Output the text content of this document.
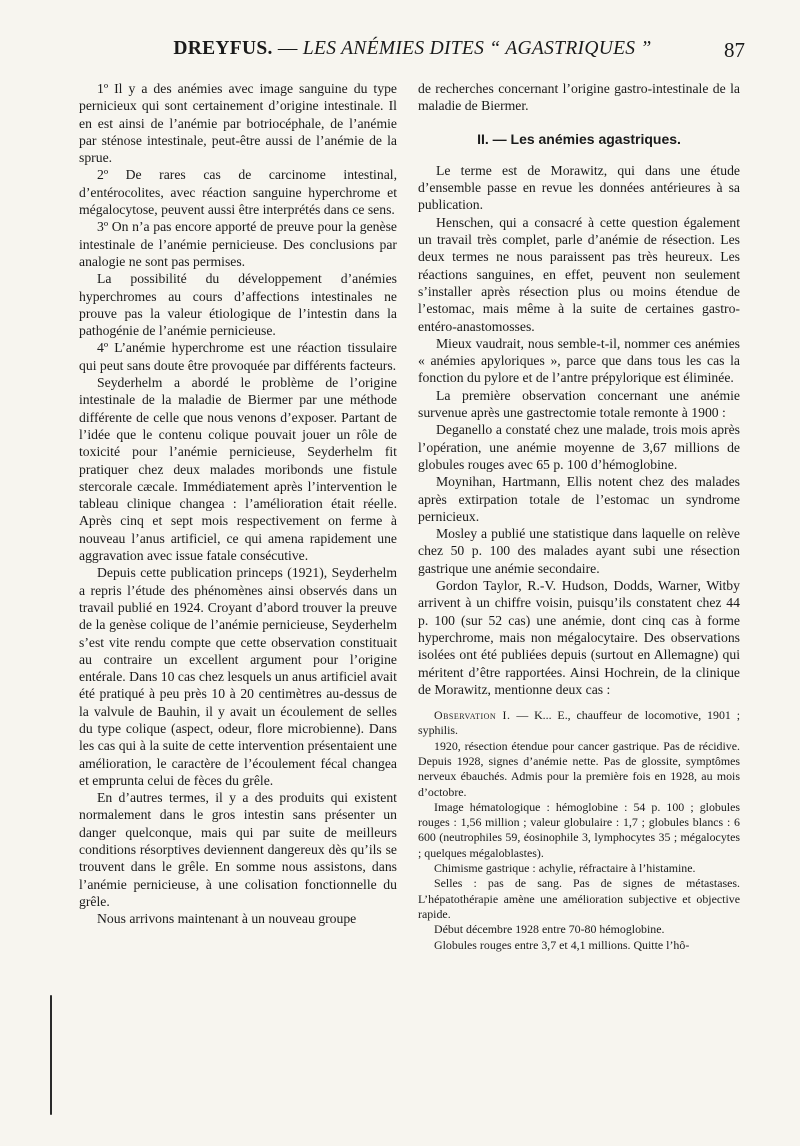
DREYFUS. — LES ANÉMIES DITES “ AGASTRIQUES ”	87

1º Il y a des anémies avec image sanguine du type pernicieux qui sont certainement d’origine intestinale. Il en est ainsi de l’anémie par botriocéphale, de l’anémie par sténose intestinale, peut-être aussi de l’anémie de la sprue.

2º De rares cas de carcinome intestinal, d’entérocolites, avec réaction sanguine hyperchrome et mégalocytose, peuvent aussi être interprétés dans ce sens.

3º On n’a pas encore apporté de preuve pour la genèse intestinale de l’anémie pernicieuse. Des conclusions par analogie ne sont pas permises.

La possibilité du développement d’anémies hyperchromes au cours d’affections intestinales ne prouve pas la valeur étiologique de l’intestin dans la pathogénie de l’anémie pernicieuse.

4º L’anémie hyperchrome est une réaction tissulaire qui peut sans doute être provoquée par différents facteurs.

Seyderhelm a abordé le problème de l’origine intestinale de la maladie de Biermer par une méthode différente de celle que nous venons d’exposer. Partant de l’idée que le contenu colique pouvait jouer un rôle de toxicité pour l’anémie pernicieuse, Seyderhelm fit pratiquer chez deux malades moribonds une fistule stercorale cæcale. Immédiatement après l’intervention le tableau clinique changea : l’amélioration était réelle. Après cinq et sept mois respectivement on ferme à nouveau l’anus artificiel, ce qui amena rapidement une aggravation avec issue fatale consécutive.

Depuis cette publication princeps (1921), Seyderhelm a repris l’étude des phénomènes ainsi observés dans un travail publié en 1924. Croyant d’abord trouver la preuve de la genèse colique de l’anémie pernicieuse, Seyderhelm s’est vite rendu compte que cette observation constituait au contraire un excellent argument pour l’origine entérale. Dans 10 cas chez lesquels un anus artificiel avait été pratiqué à peu près 10 à 20 centimètres au-dessus de la valvule de Bauhin, il y avait un écoulement de selles du type colique (aspect, odeur, flore microbienne). Dans les cas qui à la suite de cette intervention présentaient une amélioration, le caractère de l’écoulement fécal changea et emprunta celui de fèces du grêle.

En d’autres termes, il y a des produits qui existent normalement dans le gros intestin sans présenter un danger quelconque, mais qui par suite de meilleurs conditions résorptives deviennent dangereux dès qu’ils se trouvent dans le grêle. En somme nous assistons, dans l’anémie pernicieuse, à une colisation fonctionnelle du grêle.

Nous arrivons maintenant à un nouveau groupe

de recherches concernant l’origine gastro-intestinale de la maladie de Biermer.

II. — Les anémies agastriques.

Le terme est de Morawitz, qui dans une étude d’ensemble passe en revue les données antérieures à sa publication.

Henschen, qui a consacré à cette question également un travail très complet, parle d’anémie de résection. Les deux termes ne nous paraissent pas très heureux. Les réactions sanguines, en effet, peuvent non seulement s’installer après résection plus ou moins étendue de l’estomac, mais même à la suite de certaines gastro-entéro-anastomosses.

Mieux vaudrait, nous semble-t-il, nommer ces anémies « anémies apyloriques », parce que dans tous les cas la fonction du pylore et de l’antre prépylorique est éliminée.

La première observation concernant une anémie survenue après une gastrectomie totale remonte à 1900 :

Deganello a constaté chez une malade, trois mois après l’opération, une anémie moyenne de 3,67 millions de globules rouges avec 65 p. 100 d’hémoglobine.

Moynihan, Hartmann, Ellis notent chez des malades après extirpation totale de l’estomac un syndrome pernicieux.

Mosley a publié une statistique dans laquelle on relève chez 50 p. 100 des malades ayant subi une résection gastrique une anémie secondaire.

Gordon Taylor, R.-V. Hudson, Dodds, Warner, Witby arrivent à un chiffre voisin, puisqu’ils constatent chez 44 p. 100 (sur 52 cas) une anémie, dont cinq cas à forme hyperchrome, mais non mégalocytaire. Des observations isolées ont été publiées depuis (surtout en Allemagne) qui méritent d’être rapportées. Ainsi Hochrein, de la clinique de Morawitz, mentionne deux cas :

Observation I. — K... E., chauffeur de locomotive, 1901 ; syphilis.

1920, résection étendue pour cancer gastrique. Pas de récidive. Depuis 1928, signes d’anémie nette. Pas de glossite, symptômes nerveux ébauchés. Admis pour la première fois en 1928, au mois d’octobre.

Image hématologique : hémoglobine : 54 p. 100 ; globules rouges : 1,56 million ; valeur globulaire : 1,7 ; globules blancs : 6 600 (neutrophiles 59, éosinophile 3, lymphocytes 35 ; mégalocytes ; quelques mégaloblastes).

Chimisme gastrique : achylie, réfractaire à l’histamine.

Selles : pas de sang. Pas de signes de métastases. L’hépatothérapie amène une amélioration subjective et objective rapide.

Début décembre 1928 entre 70-80 hémoglobine.

Globules rouges entre 3,7 et 4,1 millions. Quitte l’hô-
